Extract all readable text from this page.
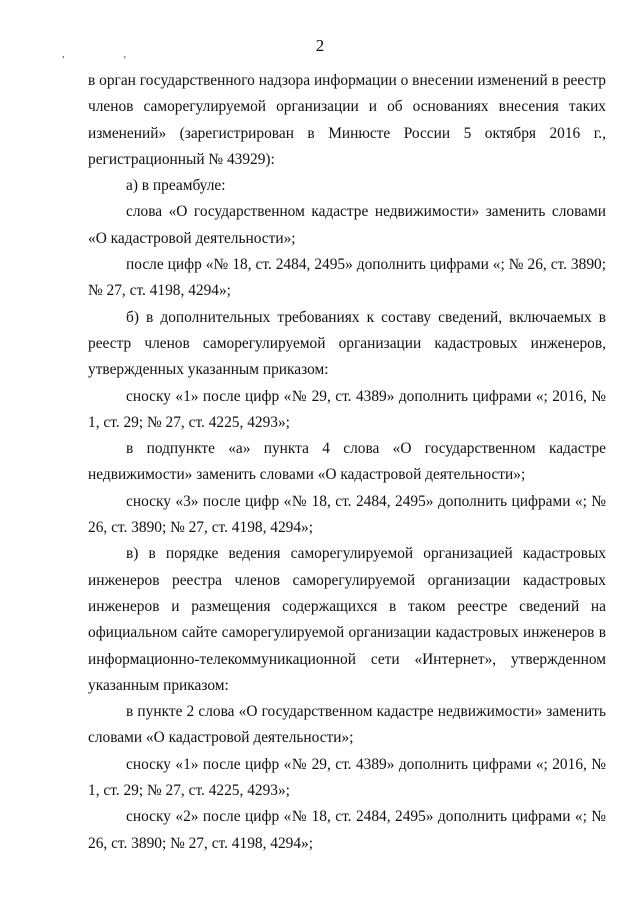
, ,	2

в орган государственного надзора информации о внесении изменений в реестр членов саморегулируемой организации и об основаниях внесения таких изменений» (зарегистрирован в Минюсте России 5 октября 2016 г., регистрационный № 43929):

а) в преамбуле:

слова «О государственном кадастре недвижимости» заменить словами «О кадастровой деятельности»;

после цифр «№ 18, ст. 2484, 2495» дополнить цифрами «; № 26, ст. 3890; № 27, ст. 4198, 4294»;

б) в дополнительных требованиях к составу сведений, включаемых в реестр членов саморегулируемой организации кадастровых инженеров, утвержденных указанным приказом:

сноску «1» после цифр «№ 29, ст. 4389» дополнить цифрами «; 2016, № 1, ст. 29; № 27, ст. 4225, 4293»;

в подпункте «а» пункта 4 слова «О государственном кадастре недвижимости» заменить словами «О кадастровой деятельности»;

сноску «3» после цифр «№ 18, ст. 2484, 2495» дополнить цифрами «; № 26, ст. 3890; № 27, ст. 4198, 4294»;

в) в порядке ведения саморегулируемой организацией кадастровых инженеров реестра членов саморегулируемой организации кадастровых инженеров и размещения содержащихся в таком реестре сведений на официальном сайте саморегулируемой организации кадастровых инженеров в информационно-телекоммуникационной сети «Интернет», утвержденном указанным приказом:

в пункте 2 слова «О государственном кадастре недвижимости» заменить словами «О кадастровой деятельности»;

сноску «1» после цифр «№ 29, ст. 4389» дополнить цифрами «; 2016, № 1, ст. 29; № 27, ст. 4225, 4293»;

сноску «2» после цифр «№ 18, ст. 2484, 2495» дополнить цифрами «; № 26, ст. 3890; № 27, ст. 4198, 4294»;
